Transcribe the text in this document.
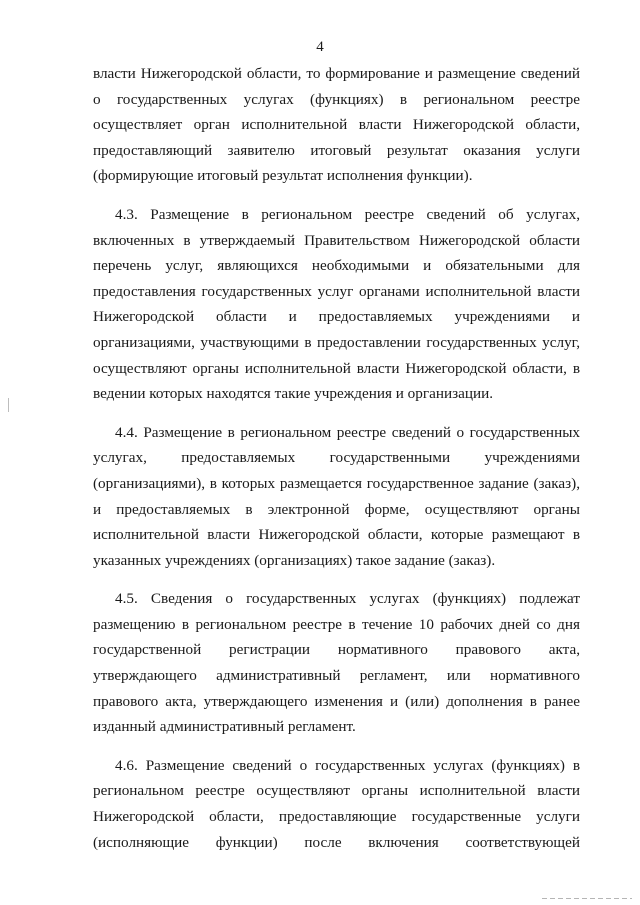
4

власти Нижегородской области, то формирование и размещение сведений
о государственных услугах (функциях) в региональном реестре
осуществляет орган исполнительной власти Нижегородской области,
предоставляющий заявителю итоговый результат оказания услуги
(формирующие итоговый результат исполнения функции).

4.3. Размещение в региональном реестре сведений об услугах,
включенных в утверждаемый Правительством Нижегородской области
перечень услуг, являющихся необходимыми и обязательными для
предоставления государственных услуг органами исполнительной власти
Нижегородской области и предоставляемых учреждениями и
организациями, участвующими в предоставлении государственных услуг,
осуществляют органы исполнительной власти Нижегородской области, в
ведении которых находятся такие учреждения и организации.

4.4. Размещение в региональном реестре сведений о государственных
услугах, предоставляемых государственными учреждениями
(организациями), в которых размещается государственное задание (заказ),
и предоставляемых в электронной форме, осуществляют органы
исполнительной власти Нижегородской области, которые размещают в
указанных учреждениях (организациях) такое задание (заказ).

4.5. Сведения о государственных услугах (функциях) подлежат
размещению в региональном реестре в течение 10 рабочих дней со дня
государственной регистрации нормативного правового акта,
утверждающего административный регламент, или нормативного
правового акта, утверждающего изменения и (или) дополнения в ранее
изданный административный регламент.

4.6. Размещение сведений о государственных услугах (функциях) в
региональном реестре осуществляют органы исполнительной власти
Нижегородской области, предоставляющие государственные услуги
(исполняющие функции) после включения соответствующей
